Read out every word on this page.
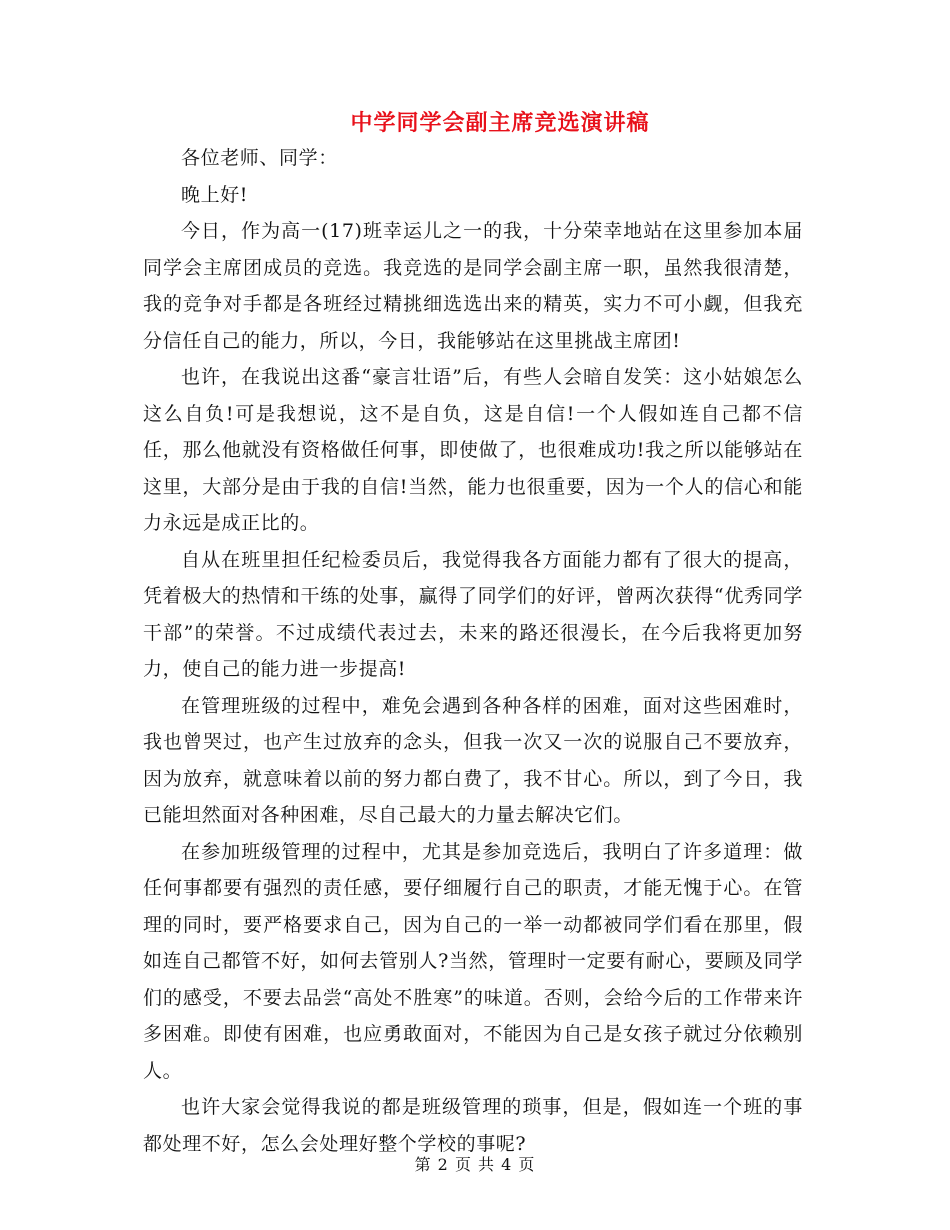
中学同学会副主席竞选演讲稿

各位老师、同学：

晚上好!

今日，作为高一(17)班幸运儿之一的我，十分荣幸地站在这里参加本届同学会主席团成员的竞选。我竞选的是同学会副主席一职，虽然我很清楚，我的竞争对手都是各班经过精挑细选选出来的精英，实力不可小觑，但我充分信任自己的能力，所以，今日，我能够站在这里挑战主席团!

也许，在我说出这番“豪言壮语”后，有些人会暗自发笑：这小姑娘怎么这么自负!可是我想说，这不是自负，这是自信!一个人假如连自己都不信任，那么他就没有资格做任何事，即使做了，也很难成功!我之所以能够站在这里，大部分是由于我的自信!当然，能力也很重要，因为一个人的信心和能力永远是成正比的。

自从在班里担任纪检委员后，我觉得我各方面能力都有了很大的提高，凭着极大的热情和干练的处事，赢得了同学们的好评，曾两次获得“优秀同学干部”的荣誉。不过成绩代表过去，未来的路还很漫长，在今后我将更加努力，使自己的能力进一步提高!

在管理班级的过程中，难免会遇到各种各样的困难，面对这些困难时，我也曾哭过，也产生过放弃的念头，但我一次又一次的说服自己不要放弃，因为放弃，就意味着以前的努力都白费了，我不甘心。所以，到了今日，我已能坦然面对各种困难，尽自己最大的力量去解决它们。

在参加班级管理的过程中，尤其是参加竞选后，我明白了许多道理：做任何事都要有强烈的责任感，要仔细履行自己的职责，才能无愧于心。在管理的同时，要严格要求自己，因为自己的一举一动都被同学们看在那里，假如连自己都管不好，如何去管别人?当然，管理时一定要有耐心，要顾及同学们的感受，不要去品尝“高处不胜寒”的味道。否则，会给今后的工作带来许多困难。即使有困难，也应勇敢面对，不能因为自己是女孩子就过分依赖别人。

也许大家会觉得我说的都是班级管理的琐事，但是，假如连一个班的事都处理不好，怎么会处理好整个学校的事呢?

第 2 页 共 4 页
